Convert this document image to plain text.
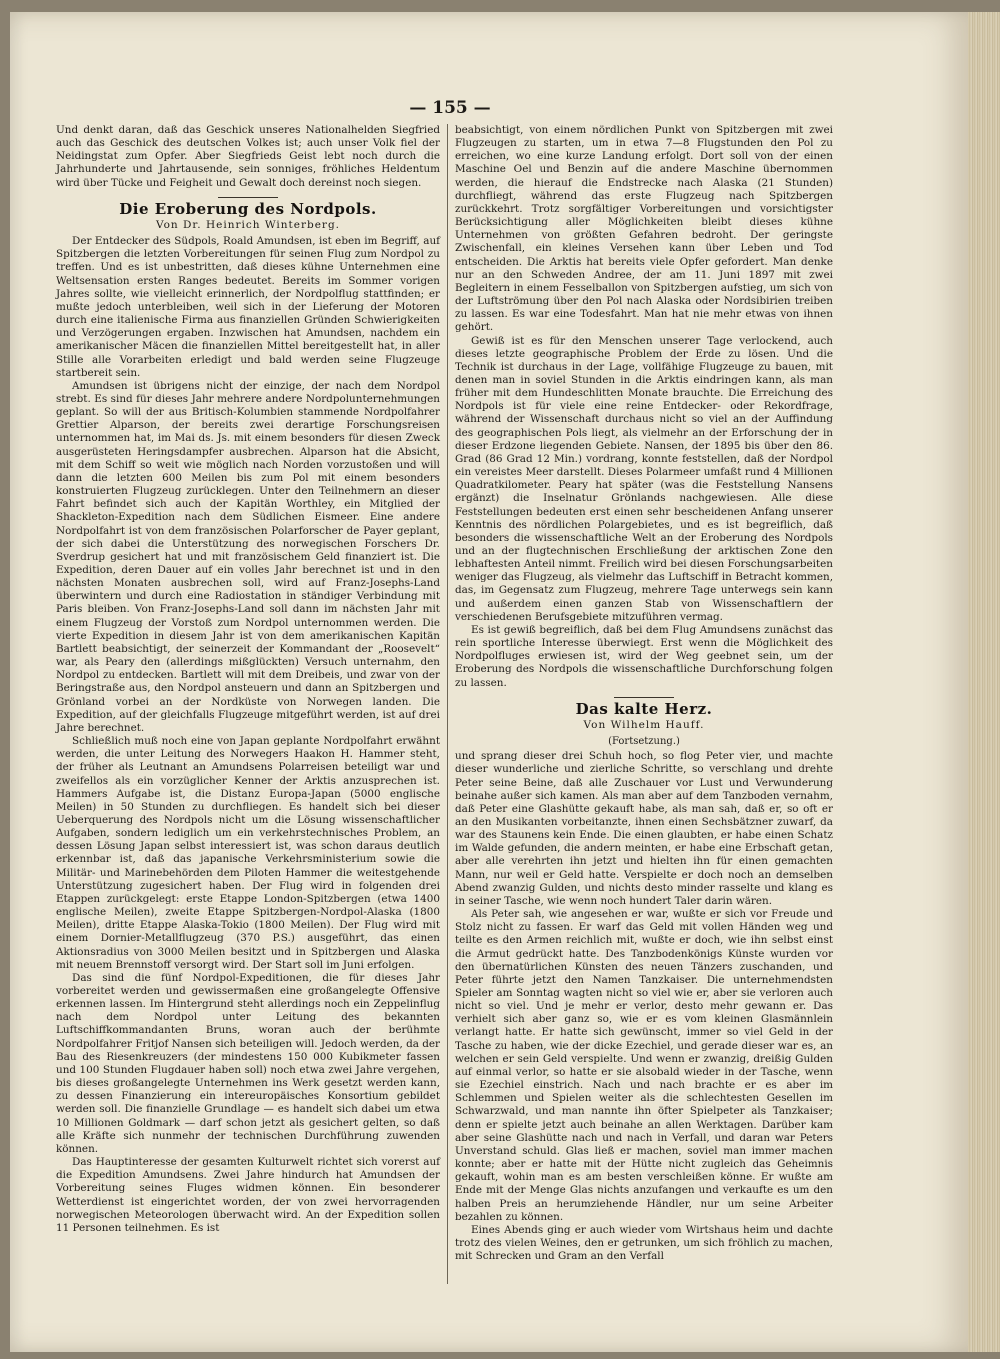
— 155 —

Und denkt daran, daß das Geschick unseres Nationalhelden Siegfried auch das Geschick des deutschen Volkes ist; auch unser Volk fiel der Neidingstat zum Opfer. Aber Siegfrieds Geist lebt noch durch die Jahrhunderte und Jahrtausende, sein sonniges, fröhliches Heldentum wird über Tücke und Feigheit und Gewalt doch dereinst noch siegen.

Die Eroberung des Nordpols.
Von Dr. Heinrich Winterberg.

Der Entdecker des Südpols, Roald Amundsen, ist eben im Begriff, auf Spitzbergen die letzten Vorbereitungen für seinen Flug zum Nordpol zu treffen. Und es ist unbestritten, daß dieses kühne Unternehmen eine Weltsensation ersten Ranges bedeutet. Bereits im Sommer vorigen Jahres sollte, wie vielleicht erinnerlich, der Nordpolflug stattfinden; er mußte jedoch unterbleiben, weil sich in der Lieferung der Motoren durch eine italienische Firma aus finanziellen Gründen Schwierigkeiten und Verzögerungen ergaben. Inzwischen hat Amundsen, nachdem ein amerikanischer Mäcen die finanziellen Mittel bereitgestellt hat, in aller Stille alle Vorarbeiten erledigt und bald werden seine Flugzeuge startbereit sein.

Amundsen ist übrigens nicht der einzige, der nach dem Nordpol strebt. Es sind für dieses Jahr mehrere andere Nordpolunternehmungen geplant. So will der aus Britisch-Kolumbien stammende Nordpolfahrer Grettier Alparson, der bereits zwei derartige Forschungsreisen unternommen hat, im Mai ds. Js. mit einem besonders für diesen Zweck ausgerüsteten Heringsdampfer ausbrechen. Alparson hat die Absicht, mit dem Schiff so weit wie möglich nach Norden vorzustoßen und will dann die letzten 600 Meilen bis zum Pol mit einem besonders konstruierten Flugzeug zurücklegen. Unter den Teilnehmern an dieser Fahrt befindet sich auch der Kapitän Worthley, ein Mitglied der Shackleton-Expedition nach dem Südlichen Eismeer. Eine andere Nordpolfahrt ist von dem französischen Polarforscher de Payer geplant, der sich dabei die Unterstützung des norwegischen Forschers Dr. Sverdrup gesichert hat und mit französischem Geld finanziert ist. Die Expedition, deren Dauer auf ein volles Jahr berechnet ist und in den nächsten Monaten ausbrechen soll, wird auf Franz-Josephs-Land überwintern und durch eine Radiostation in ständiger Verbindung mit Paris bleiben. Von Franz-Josephs-Land soll dann im nächsten Jahr mit einem Flugzeug der Vorstoß zum Nordpol unternommen werden. Die vierte Expedition in diesem Jahr ist von dem amerikanischen Kapitän Bartlett beabsichtigt, der seinerzeit der Kommandant der „Roosevelt“ war, als Peary den (allerdings mißglückten) Versuch unternahm, den Nordpol zu entdecken. Bartlett will mit dem Dreibeis, und zwar von der Beringstraße aus, den Nordpol ansteuern und dann an Spitzbergen und Grönland vorbei an der Nordküste von Norwegen landen. Die Expedition, auf der gleichfalls Flugzeuge mitgeführt werden, ist auf drei Jahre berechnet.

Schließlich muß noch eine von Japan geplante Nordpolfahrt erwähnt werden, die unter Leitung des Norwegers Haakon H. Hammer steht, der früher als Leutnant an Amundsens Polarreisen beteiligt war und zweifellos als ein vorzüglicher Kenner der Arktis anzusprechen ist. Hammers Aufgabe ist, die Distanz Europa-Japan (5000 englische Meilen) in 50 Stunden zu durchfliegen. Es handelt sich bei dieser Ueberquerung des Nordpols nicht um die Lösung wissenschaftlicher Aufgaben, sondern lediglich um ein verkehrstechnisches Problem, an dessen Lösung Japan selbst interessiert ist, was schon daraus deutlich erkennbar ist, daß das japanische Verkehrsministerium sowie die Militär- und Marinebehörden dem Piloten Hammer die weitestgehende Unterstützung zugesichert haben. Der Flug wird in folgenden drei Etappen zurückgelegt: erste Etappe London-Spitzbergen (etwa 1400 englische Meilen), zweite Etappe Spitzbergen-Nordpol-Alaska (1800 Meilen), dritte Etappe Alaska-Tokio (1800 Meilen). Der Flug wird mit einem Dornier-Metallflugzeug (370 P.S.) ausgeführt, das einen Aktionsradius von 3000 Meilen besitzt und in Spitzbergen und Alaska mit neuem Brennstoff versorgt wird. Der Start soll im Juni erfolgen.

Das sind die fünf Nordpol-Expeditionen, die für dieses Jahr vorbereitet werden und gewissermaßen eine großangelegte Offensive erkennen lassen. Im Hintergrund steht allerdings noch ein Zeppelinflug nach dem Nordpol unter Leitung des bekannten Luftschiffkommandanten Bruns, woran auch der berühmte Nordpolfahrer Fritjof Nansen sich beteiligen will. Jedoch werden, da der Bau des Riesenkreuzers (der mindestens 150 000 Kubikmeter fassen und 100 Stunden Flugdauer haben soll) noch etwa zwei Jahre vergehen, bis dieses großangelegte Unternehmen ins Werk gesetzt werden kann, zu dessen Finanzierung ein intereuropäisches Konsortium gebildet werden soll. Die finanzielle Grundlage — es handelt sich dabei um etwa 10 Millionen Goldmark — darf schon jetzt als gesichert gelten, so daß alle Kräfte sich nunmehr der technischen Durchführung zuwenden können.

Das Hauptinteresse der gesamten Kulturwelt richtet sich vorerst auf die Expedition Amundsens. Zwei Jahre hindurch hat Amundsen der Vorbereitung seines Fluges widmen können. Ein besonderer Wetterdienst ist eingerichtet worden, der von zwei hervorragenden norwegischen Meteorologen überwacht wird. An der Expedition sollen 11 Personen teilnehmen. Es ist

beabsichtigt, von einem nördlichen Punkt von Spitzbergen mit zwei Flugzeugen zu starten, um in etwa 7—8 Flugstunden den Pol zu erreichen, wo eine kurze Landung erfolgt. Dort soll von der einen Maschine Oel und Benzin auf die andere Maschine übernommen werden, die hierauf die Endstrecke nach Alaska (21 Stunden) durchfliegt, während das erste Flugzeug nach Spitzbergen zurückkehrt. Trotz sorgfältiger Vorbereitungen und vorsichtigster Berücksichtigung aller Möglichkeiten bleibt dieses kühne Unternehmen von größten Gefahren bedroht. Der geringste Zwischenfall, ein kleines Versehen kann über Leben und Tod entscheiden. Die Arktis hat bereits viele Opfer gefordert. Man denke nur an den Schweden Andree, der am 11. Juni 1897 mit zwei Begleitern in einem Fesselballon von Spitzbergen aufstieg, um sich von der Luftströmung über den Pol nach Alaska oder Nordsibirien treiben zu lassen. Es war eine Todesfahrt. Man hat nie mehr etwas von ihnen gehört.

Gewiß ist es für den Menschen unserer Tage verlockend, auch dieses letzte geographische Problem der Erde zu lösen. Und die Technik ist durchaus in der Lage, vollfähige Flugzeuge zu bauen, mit denen man in soviel Stunden in die Arktis eindringen kann, als man früher mit dem Hundeschlitten Monate brauchte. Die Erreichung des Nordpols ist für viele eine reine Entdecker- oder Rekordfrage, während der Wissenschaft durchaus nicht so viel an der Auffindung des geographischen Pols liegt, als vielmehr an der Erforschung der in dieser Erdzone liegenden Gebiete. Nansen, der 1895 bis über den 86. Grad (86 Grad 12 Min.) vordrang, konnte feststellen, daß der Nordpol ein vereistes Meer darstellt. Dieses Polarmeer umfaßt rund 4 Millionen Quadratkilometer. Peary hat später (was die Feststellung Nansens ergänzt) die Inselnatur Grönlands nachgewiesen. Alle diese Feststellungen bedeuten erst einen sehr bescheidenen Anfang unserer Kenntnis des nördlichen Polargebietes, und es ist begreiflich, daß besonders die wissenschaftliche Welt an der Eroberung des Nordpols und an der flugtechnischen Erschließung der arktischen Zone den lebhaftesten Anteil nimmt. Freilich wird bei diesen Forschungsarbeiten weniger das Flugzeug, als vielmehr das Luftschiff in Betracht kommen, das, im Gegensatz zum Flugzeug, mehrere Tage unterwegs sein kann und außerdem einen ganzen Stab von Wissenschaftlern der verschiedenen Berufsgebiete mitzuführen vermag.

Es ist gewiß begreiflich, daß bei dem Flug Amundsens zunächst das rein sportliche Interesse überwiegt. Erst wenn die Möglichkeit des Nordpolfluges erwiesen ist, wird der Weg geebnet sein, um der Eroberung des Nordpols die wissenschaftliche Durchforschung folgen zu lassen.

Das kalte Herz.
Von Wilhelm Hauff.
(Fortsetzung.)

und sprang dieser drei Schuh hoch, so flog Peter vier, und machte dieser wunderliche und zierliche Schritte, so verschlang und drehte Peter seine Beine, daß alle Zuschauer vor Lust und Verwunderung beinahe außer sich kamen. Als man aber auf dem Tanzboden vernahm, daß Peter eine Glashütte gekauft habe, als man sah, daß er, so oft er an den Musikanten vorbeitanzte, ihnen einen Sechsbätzner zuwarf, da war des Staunens kein Ende. Die einen glaubten, er habe einen Schatz im Walde gefunden, die andern meinten, er habe eine Erbschaft getan, aber alle verehrten ihn jetzt und hielten ihn für einen gemachten Mann, nur weil er Geld hatte. Verspielte er doch noch an demselben Abend zwanzig Gulden, und nichts desto minder rasselte und klang es in seiner Tasche, wie wenn noch hundert Taler darin wären.

Als Peter sah, wie angesehen er war, wußte er sich vor Freude und Stolz nicht zu fassen. Er warf das Geld mit vollen Händen weg und teilte es den Armen reichlich mit, wußte er doch, wie ihn selbst einst die Armut gedrückt hatte. Des Tanzbodenkönigs Künste wurden vor den übernatürlichen Künsten des neuen Tänzers zuschanden, und Peter führte jetzt den Namen Tanzkaiser. Die unternehmendsten Spieler am Sonntag wagten nicht so viel wie er, aber sie verloren auch nicht so viel. Und je mehr er verlor, desto mehr gewann er. Das verhielt sich aber ganz so, wie er es vom kleinen Glasmännlein verlangt hatte. Er hatte sich gewünscht, immer so viel Geld in der Tasche zu haben, wie der dicke Ezechiel, und gerade dieser war es, an welchen er sein Geld verspielte. Und wenn er zwanzig, dreißig Gulden auf einmal verlor, so hatte er sie alsobald wieder in der Tasche, wenn sie Ezechiel einstrich. Nach und nach brachte er es aber im Schlemmen und Spielen weiter als die schlechtesten Gesellen im Schwarzwald, und man nannte ihn öfter Spielpeter als Tanzkaiser; denn er spielte jetzt auch beinahe an allen Werktagen. Darüber kam aber seine Glashütte nach und nach in Verfall, und daran war Peters Unverstand schuld. Glas ließ er machen, soviel man immer machen konnte; aber er hatte mit der Hütte nicht zugleich das Geheimnis gekauft, wohin man es am besten verschleißen könne. Er wußte am Ende mit der Menge Glas nichts anzufangen und verkaufte es um den halben Preis an herumziehende Händler, nur um seine Arbeiter bezahlen zu können.

Eines Abends ging er auch wieder vom Wirtshaus heim und dachte trotz des vielen Weines, den er getrunken, um sich fröhlich zu machen, mit Schrecken und Gram an den Verfall
